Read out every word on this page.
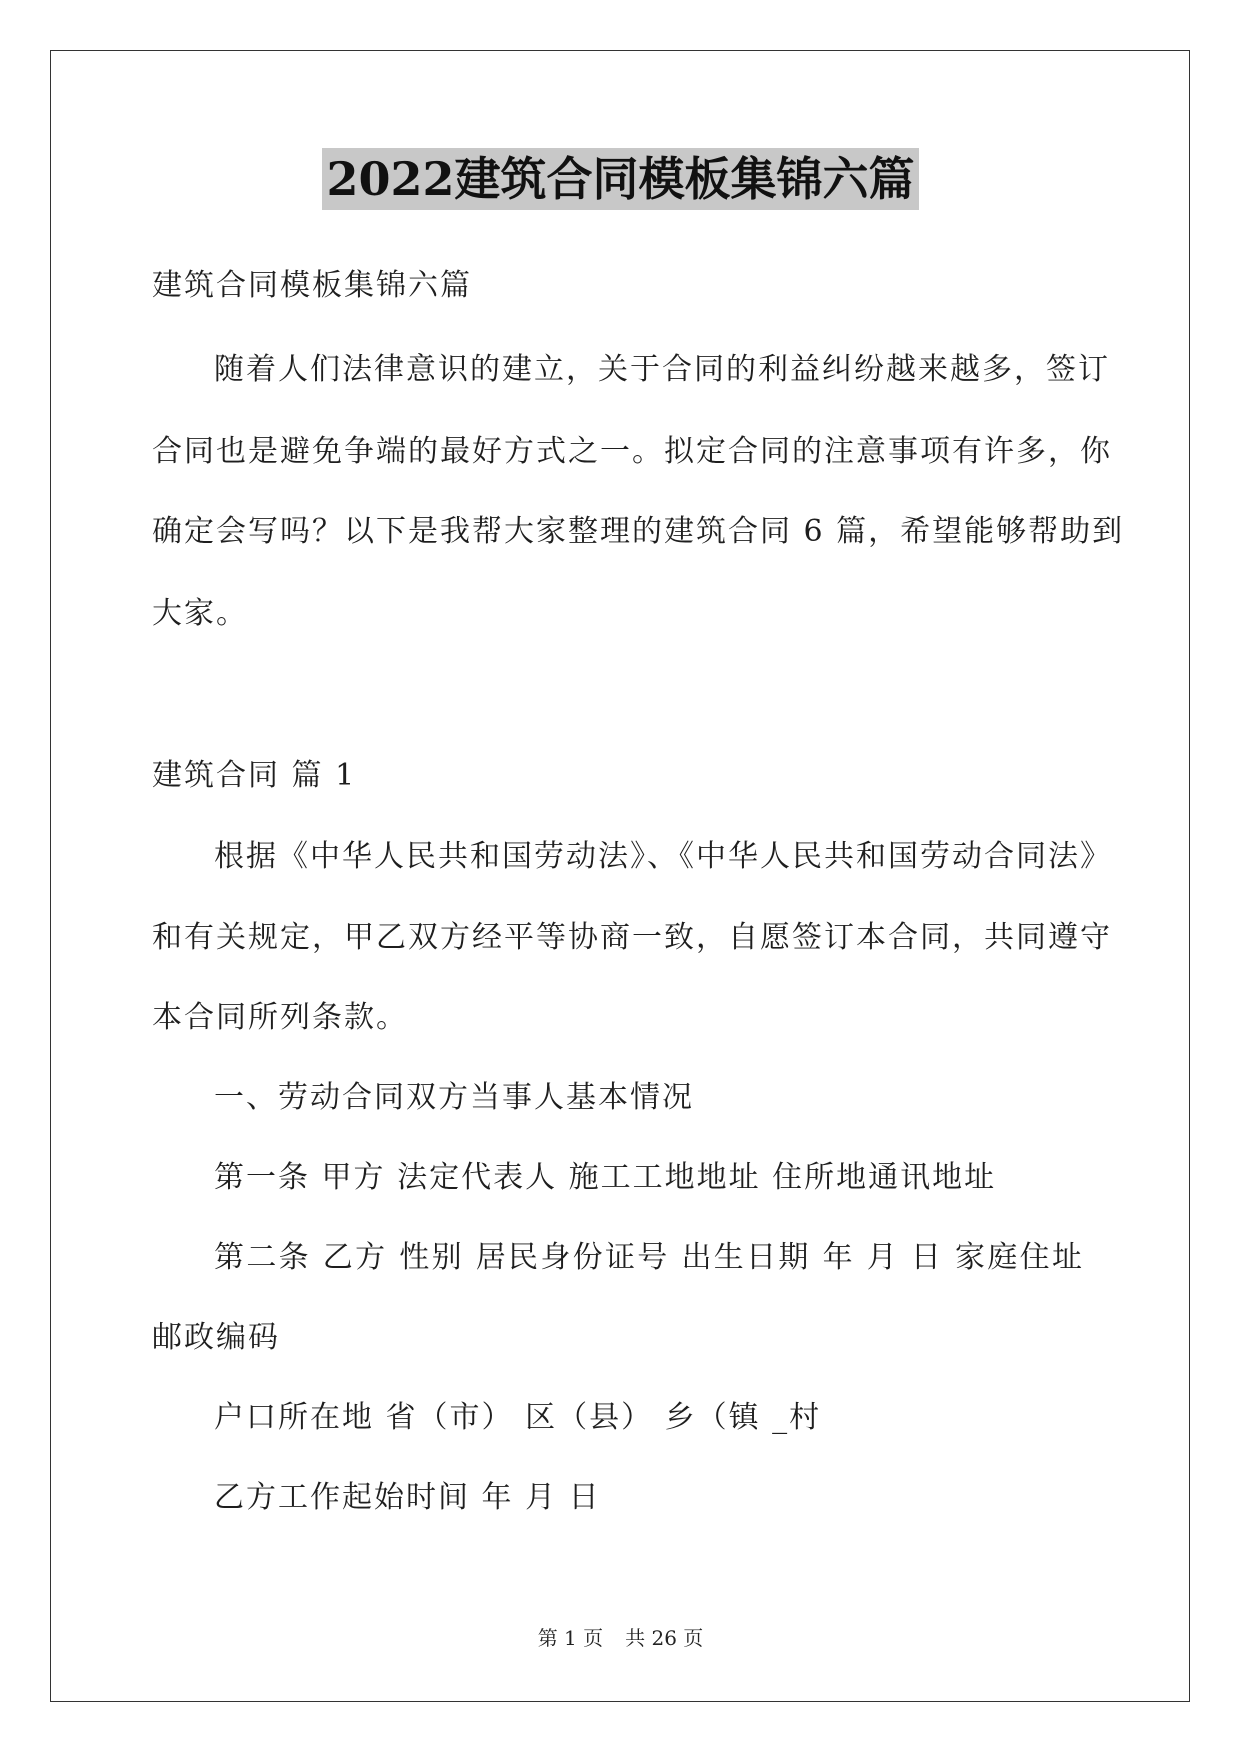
2022建筑合同模板集锦六篇
建筑合同模板集锦六篇
随着人们法律意识的建立，关于合同的利益纠纷越来越多，签订
合同也是避免争端的最好方式之一。拟定合同的注意事项有许多，你
确定会写吗？以下是我帮大家整理的建筑合同 6 篇，希望能够帮助到
大家。
建筑合同 篇 1
根据《中华人民共和国劳动法》、《中华人民共和国劳动合同法》
和有关规定，甲乙双方经平等协商一致，自愿签订本合同，共同遵守
本合同所列条款。
一、劳动合同双方当事人基本情况
第一条 甲方 法定代表人 施工工地地址 住所地通讯地址
第二条 乙方 性别 居民身份证号 出生日期 年 月 日 家庭住址
邮政编码
户口所在地 省（市） 区（县） 乡（镇 _村
乙方工作起始时间 年 月 日
第 1 页 共 26 页
